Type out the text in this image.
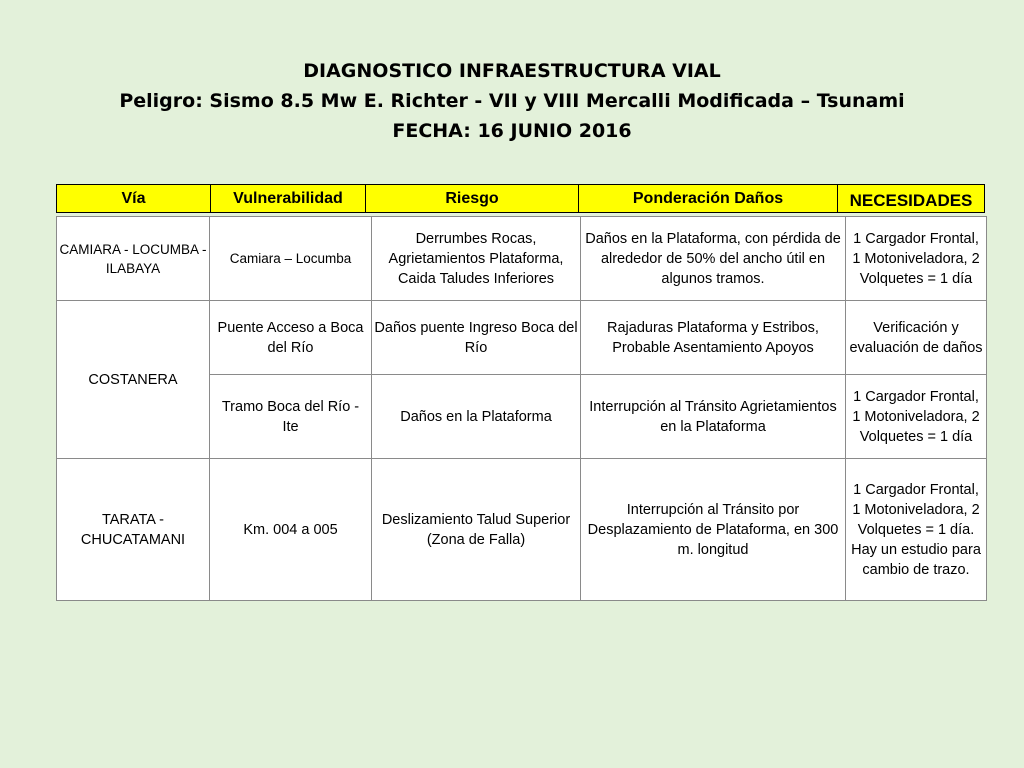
DIAGNOSTICO INFRAESTRUCTURA VIAL
Peligro: Sismo 8.5 Mw E. Richter - VII y VIII Mercalli Modificada – Tsunami
FECHA: 16 JUNIO 2016
Vía	Vulnerabilidad	Riesgo	Ponderación Daños	NECESIDADES
CAMIARA - LOCUMBA - ILABAYA	Camiara – Locumba	Derrumbes Rocas, Agrietamientos Plataforma, Caida Taludes Inferiores	Daños en la Plataforma, con pérdida de alrededor de 50% del ancho útil en algunos tramos.	1 Cargador Frontal, 1 Motoniveladora, 2 Volquetes = 1 día
COSTANERA	Puente Acceso a Boca del Río	Daños puente Ingreso Boca del Río	Rajaduras Plataforma y Estribos, Probable Asentamiento Apoyos	Verificación y evaluación de daños
	Tramo Boca del Río - Ite	Daños en la Plataforma	Interrupción al Tránsito Agrietamientos en la Plataforma	1 Cargador Frontal, 1 Motoniveladora, 2 Volquetes = 1 día
TARATA - CHUCATAMANI	Km. 004 a 005	Deslizamiento Talud Superior (Zona de Falla)	Interrupción al Tránsito por Desplazamiento de Plataforma, en 300 m. longitud	1 Cargador Frontal, 1 Motoniveladora, 2 Volquetes = 1 día. Hay un estudio para cambio de trazo.
